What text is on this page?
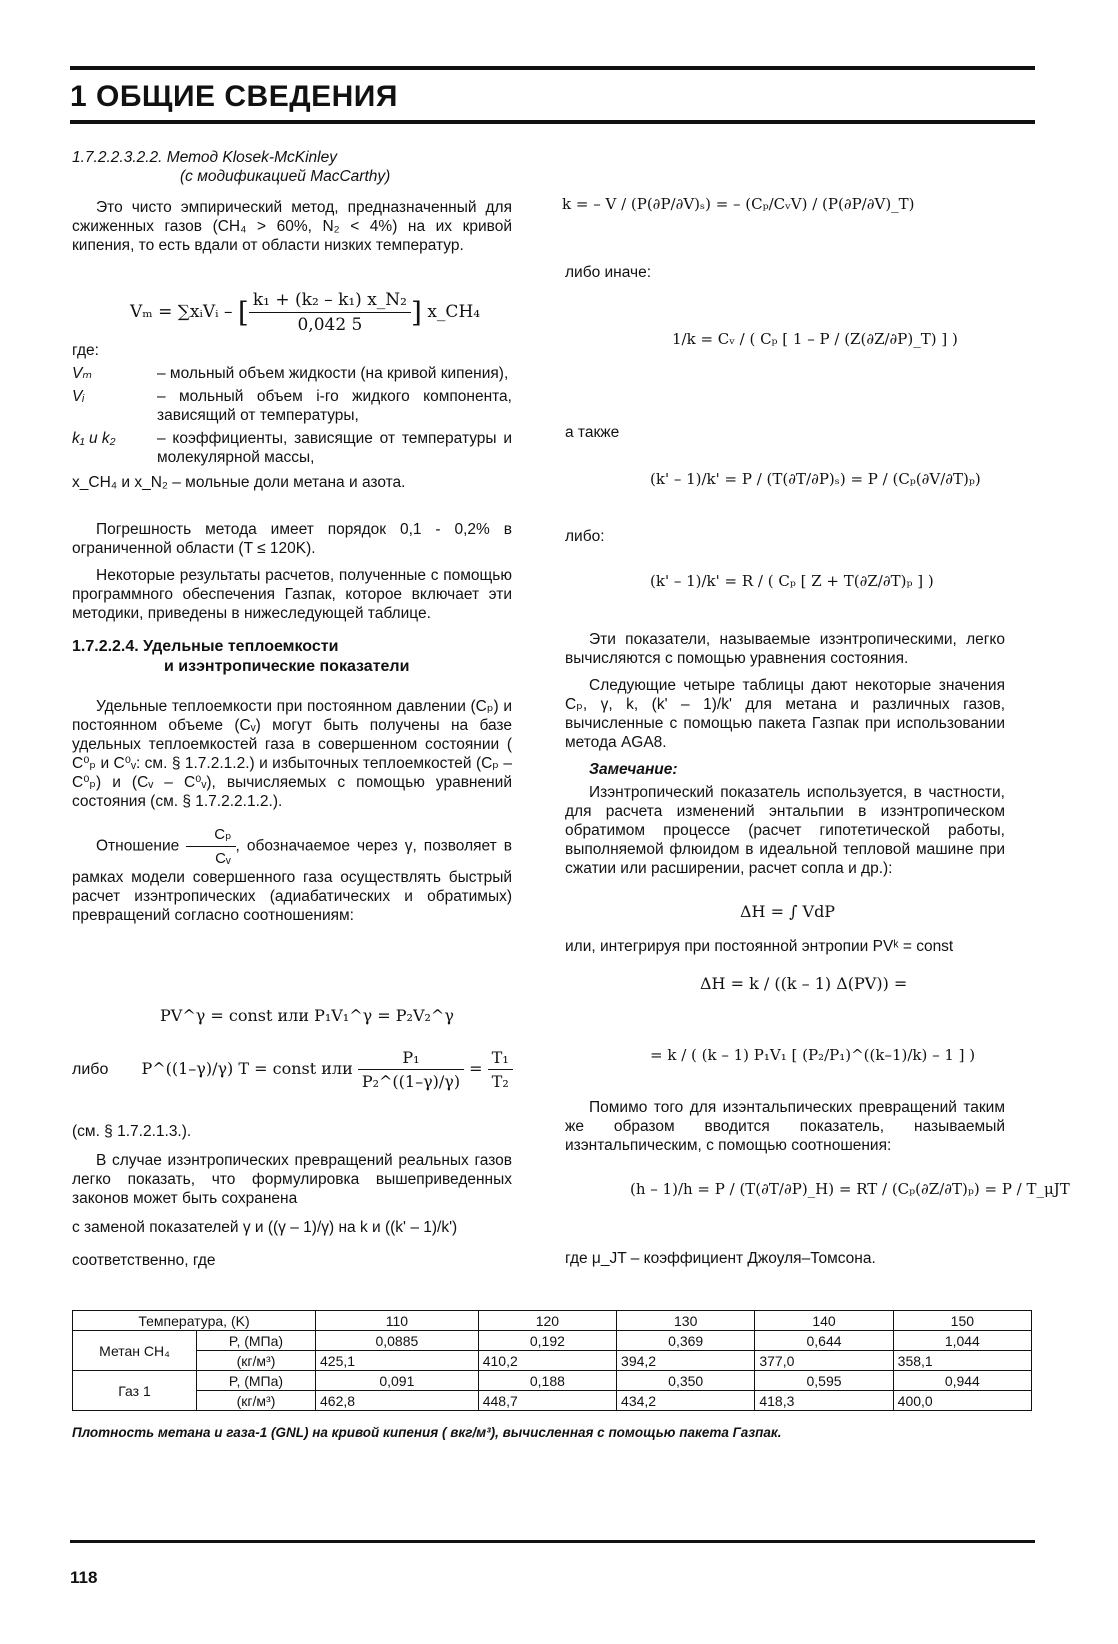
1 ОБЩИЕ СВЕДЕНИЯ
1.7.2.2.3.2.2. Метод Klosek-McKinley
(с модификацией MacCarthy)

Это чисто эмпирический метод, предназначенный для сжиженных газов (CH₄ > 60%, N₂ < 4%) на их кривой кипения, то есть вдали от области низких температур.

Vₘ = ∑xᵢVᵢ – [ $\frac{\text{k₁ + (k₂ – k₁) x\_N₂}}{0,042 5}$ ] x_CH₄
где:
Vₘ	– мольный объем жидкости (на кривой кипения),
Vᵢ	– мольный объем i-го жидкого компонента, зависящий от температуры,
k₁ и k₂	– коэффициенты, зависящие от температуры и молекулярной массы,
x_CH₄ и x_N₂ – мольные доли метана и азота.

Погрешность метода имеет порядок 0,1 - 0,2% в ограниченной области (T ≤ 120K).

Некоторые результаты расчетов, полученные с помощью программного обеспечения Газпак, которое включает эти методики, приведены в нижеследующей таблице.

1.7.2.2.4. Удельные теплоемкости
и изэнтропические показатели

Удельные теплоемкости при постоянном давлении (Cₚ) и постоянном объеме (Cᵥ) могут быть получены на базе удельных теплоемкостей газа в совершенном состоянии ( C⁰ₚ и C⁰ᵥ: см. § 1.7.2.1.2.) и избыточных теплоемкостей (Cₚ – C⁰ₚ) и (Cᵥ – C⁰ᵥ), вычисляемых с помощью уравнений состояния (см. § 1.7.2.2.1.2.).

Отношение $\frac{\text{Cₚ}}{\text{Cᵥ}}$ , обозначаемое через γ, позволяет в рамках модели совершенного газа осуществлять быстрый расчет изэнтропических (адиабатических и обратимых) превращений согласно соотношениям:

PV^γ = const или P₁V₁^γ = P₂V₂^γ
либо P^((1–γ)/γ) T = const или $\frac{\text{P₁}}{\text{P₂\textasciicircum{}((1–γ)/γ)}} = \frac{\text{T₁}}{\text{T₂}}$

(см. § 1.7.2.1.3.).

В случае изэнтропических превращений реальных газов легко показать, что формулировка вышеприведенных законов может быть сохранена

с заменой показателей γ и ((γ – 1)/γ) на k и ((k' – 1)/k')

соответственно, где

k = – V / (P(∂P/∂V)ₛ) = – (Cₚ/CᵥV) / (P(∂P/∂V)_T)
либо иначе:
1/k = Cᵥ / ( Cₚ [ 1 – P / (Z(∂Z/∂P)_T) ] )
а также
(k' – 1)/k' = P / (T(∂T/∂P)ₛ) = P / (Cₚ(∂V/∂T)ₚ)
либо:
(k' – 1)/k' = R / ( Cₚ [ Z + T(∂Z/∂T)ₚ ] )

Эти показатели, называемые изэнтропическими, легко вычисляются с помощью уравнения состояния.

Следующие четыре таблицы дают некоторые значения Cₚ, γ, k, (k' – 1)/k' для метана и различных газов, вычисленные с помощью пакета Газпак при использовании метода AGA8.

Замечание:

Изэнтропический показатель используется, в частности, для расчета изменений энтальпии в изэнтропическом обратимом процессе (расчет гипотетической работы, выполняемой флюидом в идеальной тепловой машине при сжатии или расширении, расчет сопла и др.):

ΔH = ∫ VdP
или, интегрируя при постоянной энтропии PVᵏ = const
ΔH = k / ((k – 1) Δ(PV)) =
= k / ( (k – 1) P₁V₁ [ (P₂/P₁)^((k–1)/k) – 1 ] )

Помимо того для изэнтальпических превращений таким же образом вводится показатель, называемый изэнтальпическим, с помощью соотношения:

(h – 1)/h = P / (T(∂T/∂P)_H) = RT / (Cₚ(∂Z/∂T)ₚ) = P / T_μJT
где μ_JT – коэффициент Джоуля–Томсона.
Температура, (K)		110	120	130	140	150
Метан CH₄	P, (МПа)	0,0885	0,192	0,369	0,644	1,044
	(кг/м³)	425,1	410,2	394,2	377,0	358,1
Газ 1	P, (МПа)	0,091	0,188	0,350	0,595	0,944
	(кг/м³)	462,8	448,7	434,2	418,3	400,0
Плотность метана и газа-1 (GNL) на кривой кипения ( вкг/м³), вычисленная с помощью пакета Газпак.
118
